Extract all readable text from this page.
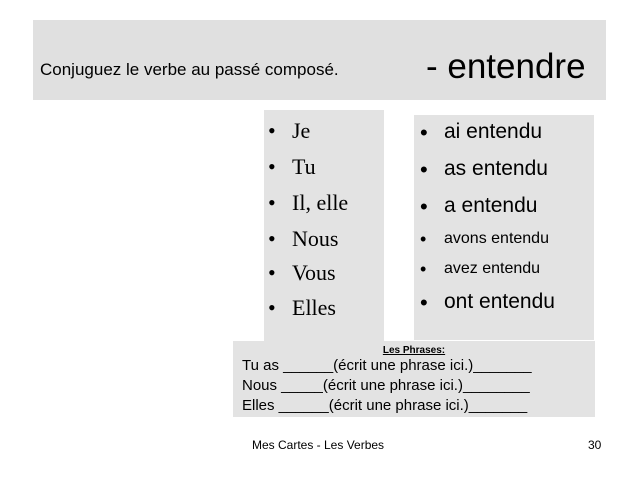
Conjuguez le verbe au passé composé. - entendre
• Je
• Tu
• Il, elle
• Nous
• Vous
• Elles
• ai entendu
• as entendu
• a entendu
• avons entendu
• avez entendu
• ont entendu
Les Phrases:
Tu as ______(écrit une phrase ici.)_______
Nous _____(écrit une phrase ici.)________
Elles ______(écrit une phrase ici.)_______
Mes Cartes - Les Verbes	30
